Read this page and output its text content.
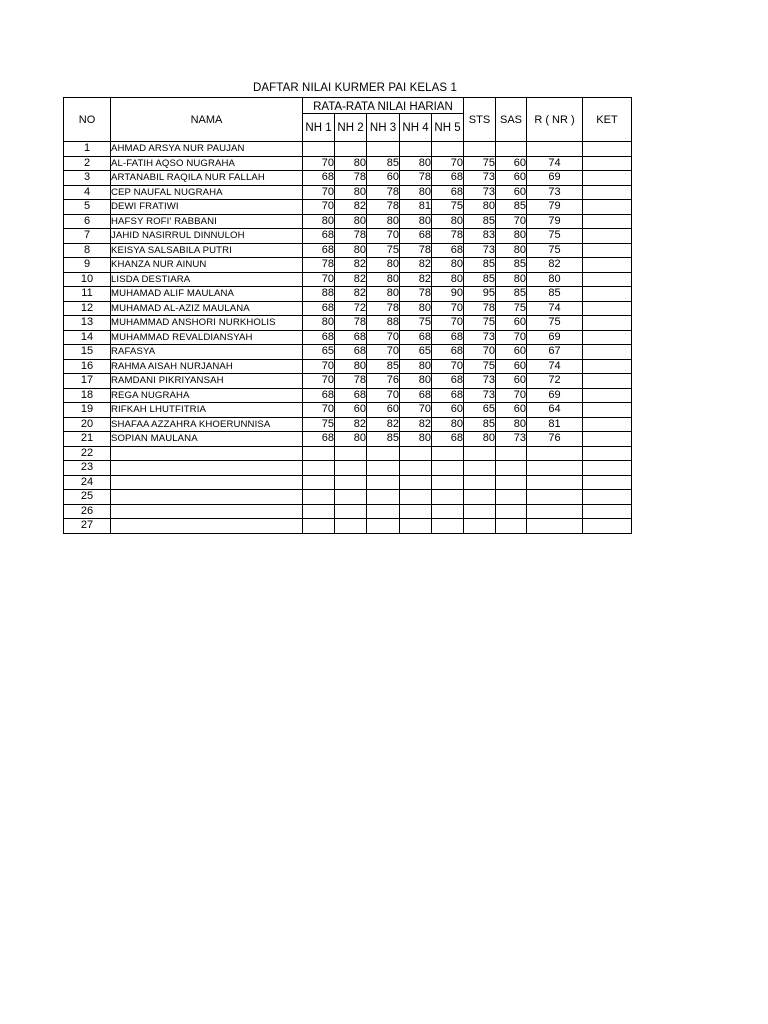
DAFTAR NILAI KURMER PAI KELAS 1
NO	NAMA	RATA-RATA NILAI HARIAN					STS	SAS	R ( NR )	KET
		NH 1	NH 2	NH 3	NH 4	NH 5				
1	AHMAD ARSYA NUR PAUJAN									
2	AL-FATIH AQSO NUGRAHA	70	80	85	80	70	75	60	74	
3	ARTANABIL RAQILA NUR FALLAH	68	78	60	78	68	73	60	69	
4	CEP NAUFAL NUGRAHA	70	80	78	80	68	73	60	73	
5	DEWI FRATIWI	70	82	78	81	75	80	85	79	
6	HAFSY ROFI' RABBANI	80	80	80	80	80	85	70	79	
7	JAHID NASIRRUL DINNULOH	68	78	70	68	78	83	80	75	
8	KEISYA SALSABILA PUTRI	68	80	75	78	68	73	80	75	
9	KHANZA NUR AINUN	78	82	80	82	80	85	85	82	
10	LISDA DESTIARA	70	82	80	82	80	85	80	80	
11	MUHAMAD ALIF MAULANA	88	82	80	78	90	95	85	85	
12	MUHAMAD AL-AZIZ MAULANA	68	72	78	80	70	78	75	74	
13	MUHAMMAD ANSHORI NURKHOLIS	80	78	88	75	70	75	60	75	
14	MUHAMMAD REVALDIANSYAH	68	68	70	68	68	73	70	69	
15	RAFASYA	65	68	70	65	68	70	60	67	
16	RAHMA AISAH NURJANAH	70	80	85	80	70	75	60	74	
17	RAMDANI PIKRIYANSAH	70	78	76	80	68	73	60	72	
18	REGA NUGRAHA	68	68	70	68	68	73	70	69	
19	RIFKAH LHUTFITRIA	70	60	60	70	60	65	60	64	
20	SHAFAA AZZAHRA KHOERUNNISA	75	82	82	82	80	85	80	81	
21	SOPIAN MAULANA	68	80	85	80	68	80	73	76	
22										
23										
24										
25										
26										
27										
